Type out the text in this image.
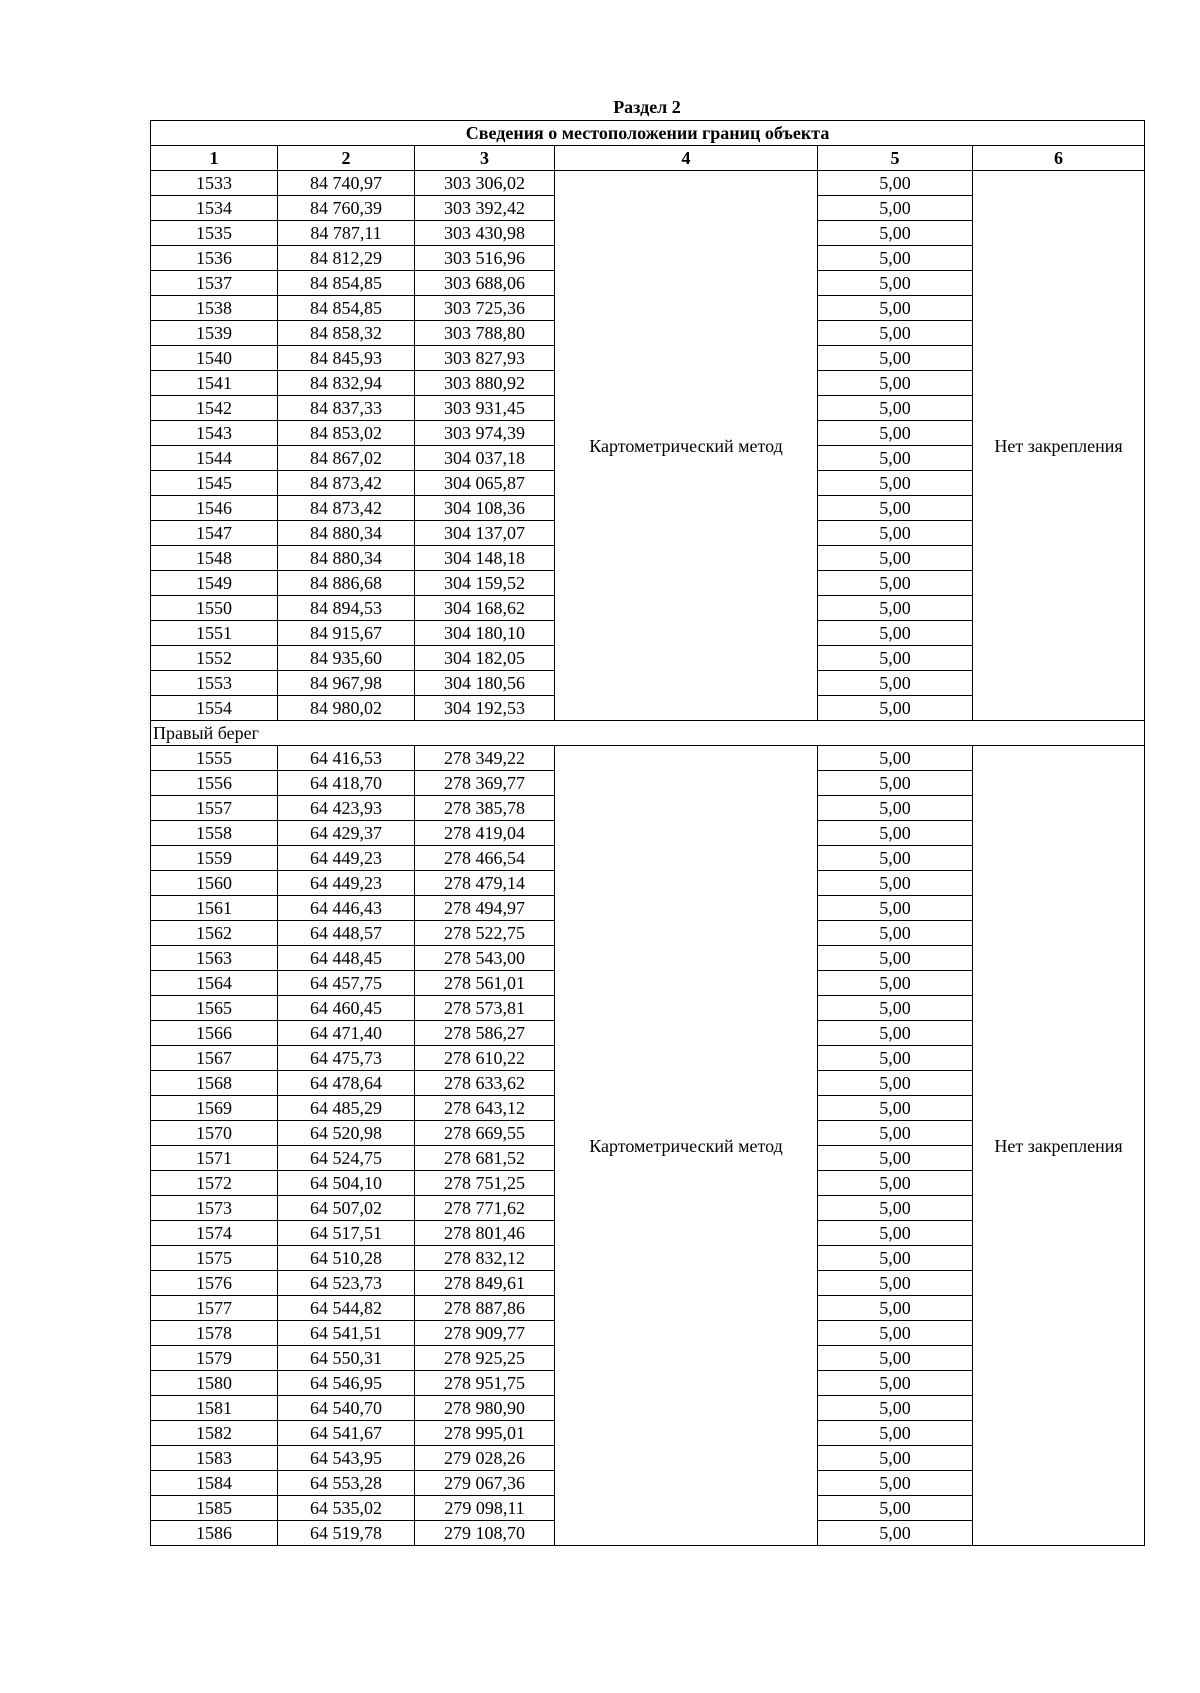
Раздел 2
Сведения о местоположении границ объекта					
1	2	3	4	5	6
1533	84 740,97	303 306,02	Картометрический метод	5,00	Нет закрепления
1534	84 760,39	303 392,42		5,00	
1535	84 787,11	303 430,98		5,00	
1536	84 812,29	303 516,96		5,00	
1537	84 854,85	303 688,06		5,00	
1538	84 854,85	303 725,36		5,00	
1539	84 858,32	303 788,80		5,00	
1540	84 845,93	303 827,93		5,00	
1541	84 832,94	303 880,92		5,00	
1542	84 837,33	303 931,45		5,00	
1543	84 853,02	303 974,39		5,00	
1544	84 867,02	304 037,18		5,00	
1545	84 873,42	304 065,87		5,00	
1546	84 873,42	304 108,36		5,00	
1547	84 880,34	304 137,07		5,00	
1548	84 880,34	304 148,18		5,00	
1549	84 886,68	304 159,52		5,00	
1550	84 894,53	304 168,62		5,00	
1551	84 915,67	304 180,10		5,00	
1552	84 935,60	304 182,05		5,00	
1553	84 967,98	304 180,56		5,00	
1554	84 980,02	304 192,53		5,00	
Правый берег					
1555	64 416,53	278 349,22	Картометрический метод	5,00	Нет закрепления
1556	64 418,70	278 369,77		5,00	
1557	64 423,93	278 385,78		5,00	
1558	64 429,37	278 419,04		5,00	
1559	64 449,23	278 466,54		5,00	
1560	64 449,23	278 479,14		5,00	
1561	64 446,43	278 494,97		5,00	
1562	64 448,57	278 522,75		5,00	
1563	64 448,45	278 543,00		5,00	
1564	64 457,75	278 561,01		5,00	
1565	64 460,45	278 573,81		5,00	
1566	64 471,40	278 586,27		5,00	
1567	64 475,73	278 610,22		5,00	
1568	64 478,64	278 633,62		5,00	
1569	64 485,29	278 643,12		5,00	
1570	64 520,98	278 669,55		5,00	
1571	64 524,75	278 681,52		5,00	
1572	64 504,10	278 751,25		5,00	
1573	64 507,02	278 771,62		5,00	
1574	64 517,51	278 801,46		5,00	
1575	64 510,28	278 832,12		5,00	
1576	64 523,73	278 849,61		5,00	
1577	64 544,82	278 887,86		5,00	
1578	64 541,51	278 909,77		5,00	
1579	64 550,31	278 925,25		5,00	
1580	64 546,95	278 951,75		5,00	
1581	64 540,70	278 980,90		5,00	
1582	64 541,67	278 995,01		5,00	
1583	64 543,95	279 028,26		5,00	
1584	64 553,28	279 067,36		5,00	
1585	64 535,02	279 098,11		5,00	
1586	64 519,78	279 108,70		5,00	
